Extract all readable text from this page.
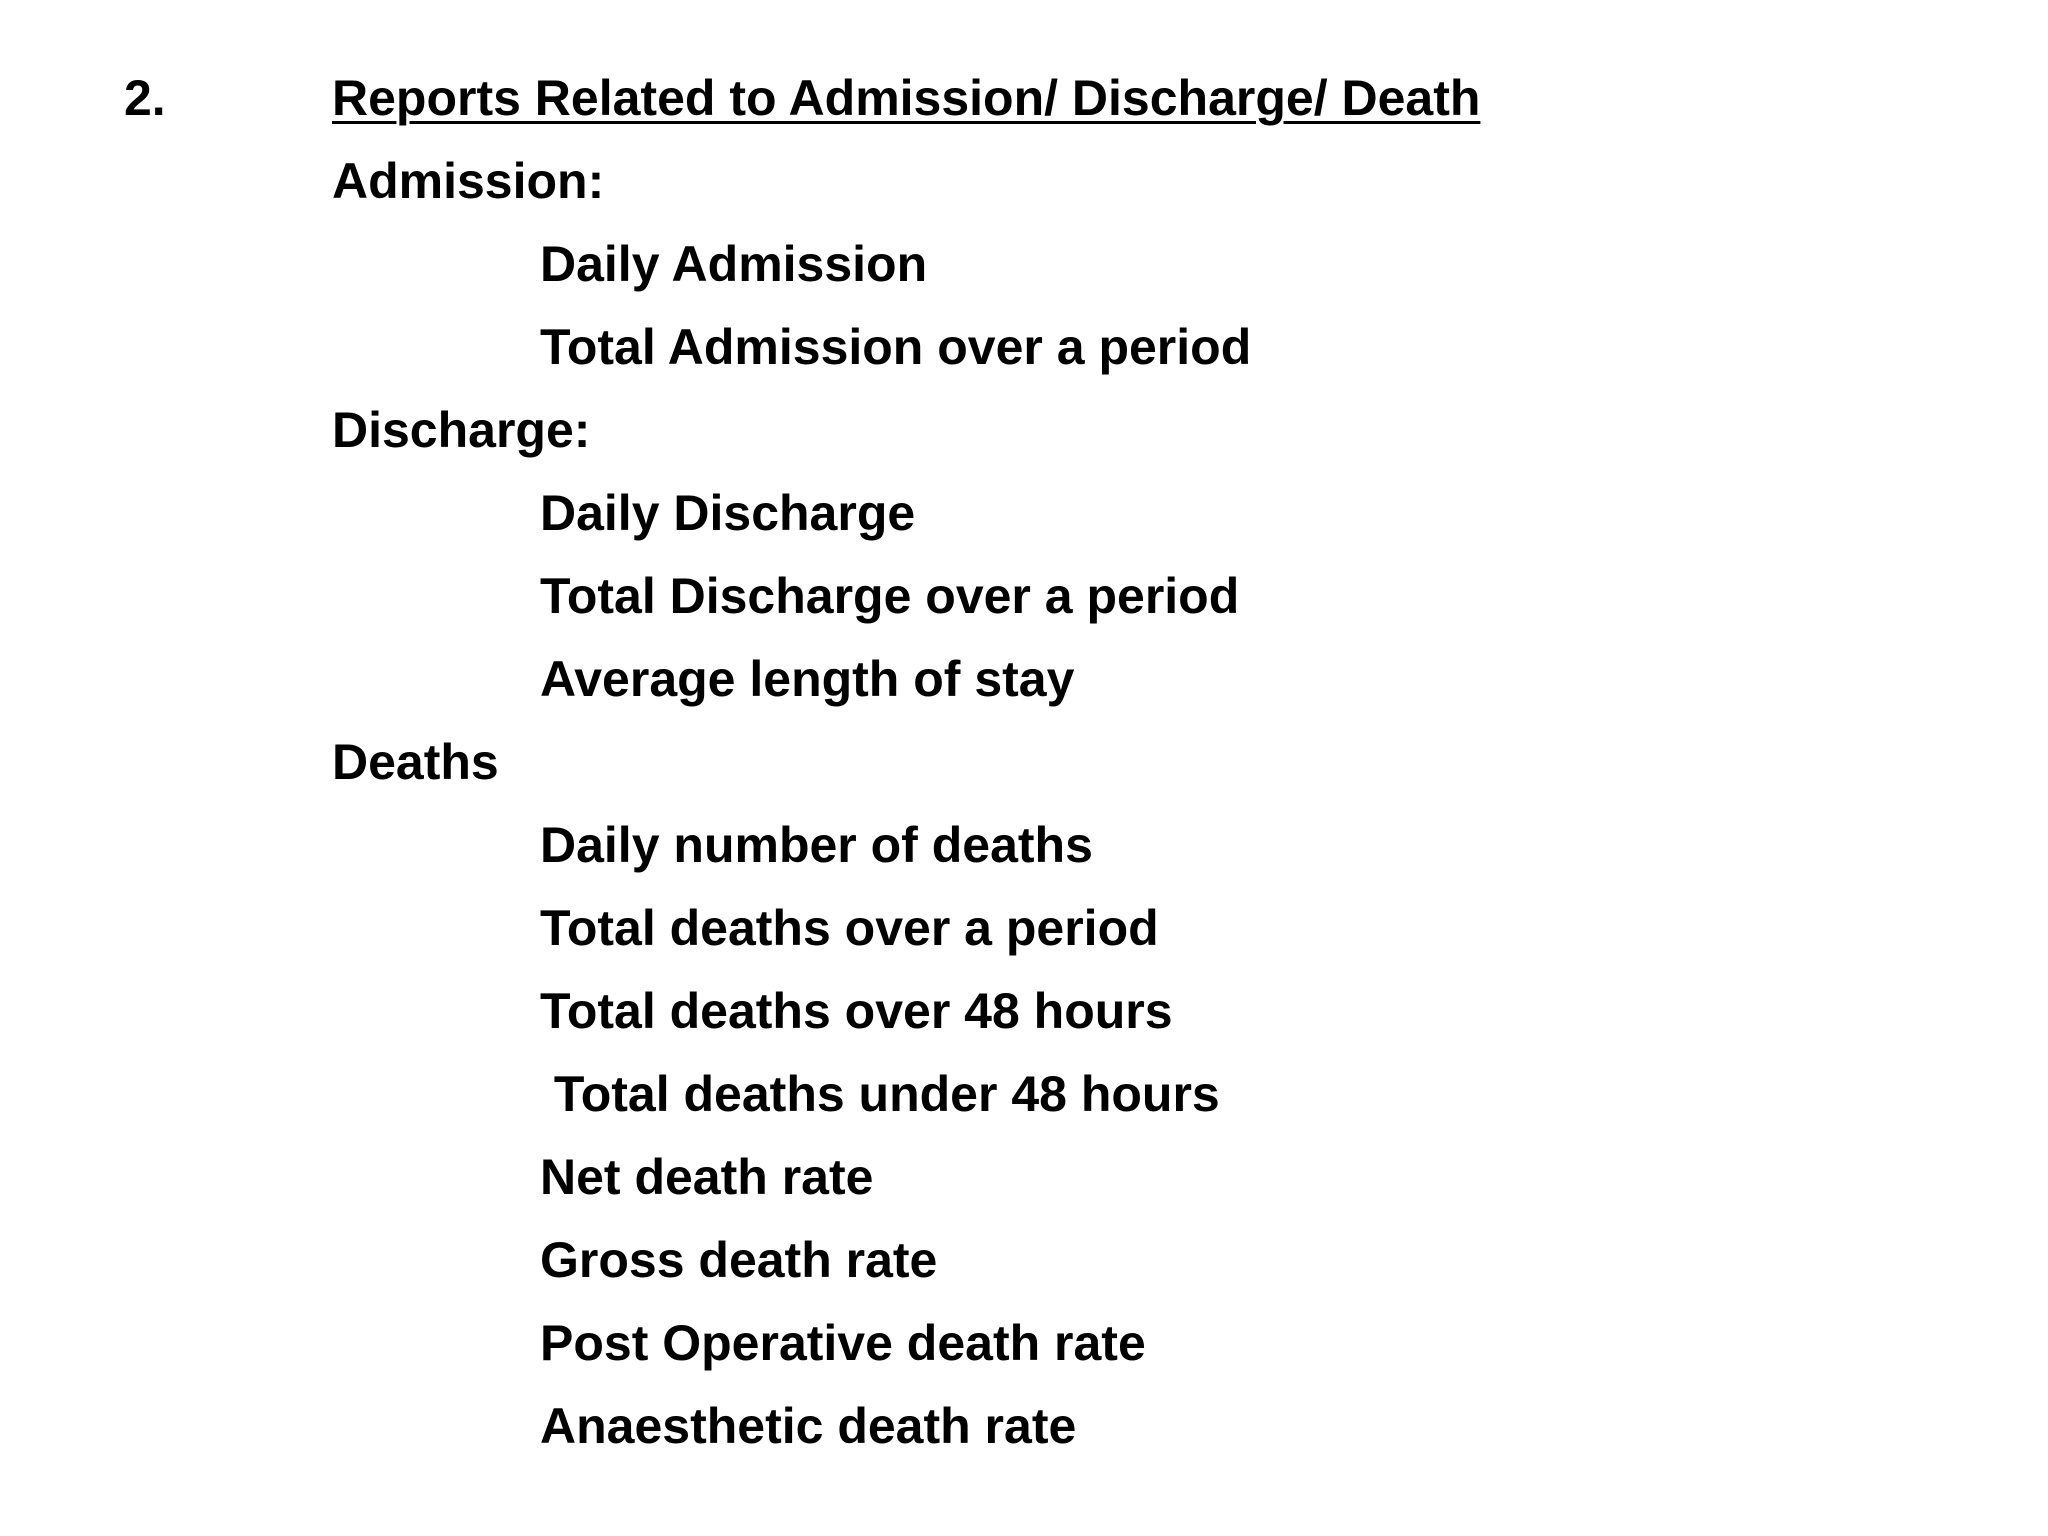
2.	Reports Related to Admission/ Discharge/ Death

Admission:

Daily Admission

Total Admission over a period

Discharge:

Daily Discharge

Total Discharge over a period

Average length of stay

Deaths

Daily number of deaths

Total deaths over a period

Total deaths over 48 hours

Total deaths under 48 hours

Net death rate

Gross death rate

Post Operative death rate

Anaesthetic death rate
